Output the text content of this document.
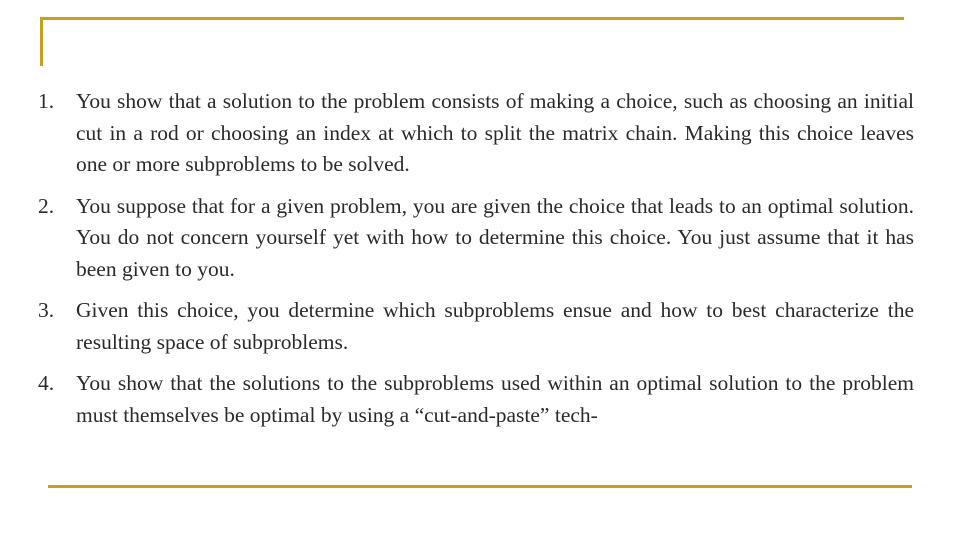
1.	You show that a solution to the problem consists of making a choice, such as choosing an initial cut in a rod or choosing an index at which to split the matrix chain. Making this choice leaves one or more subproblems to be solved.
2.	You suppose that for a given problem, you are given the choice that leads to an optimal solution. You do not concern yourself yet with how to determine this choice. You just assume that it has been given to you.
3.	Given this choice, you determine which subproblems ensue and how to best characterize the resulting space of subproblems.
4.	You show that the solutions to the subproblems used within an optimal solution to the problem must themselves be optimal by using a “cut-and-paste” tech-
